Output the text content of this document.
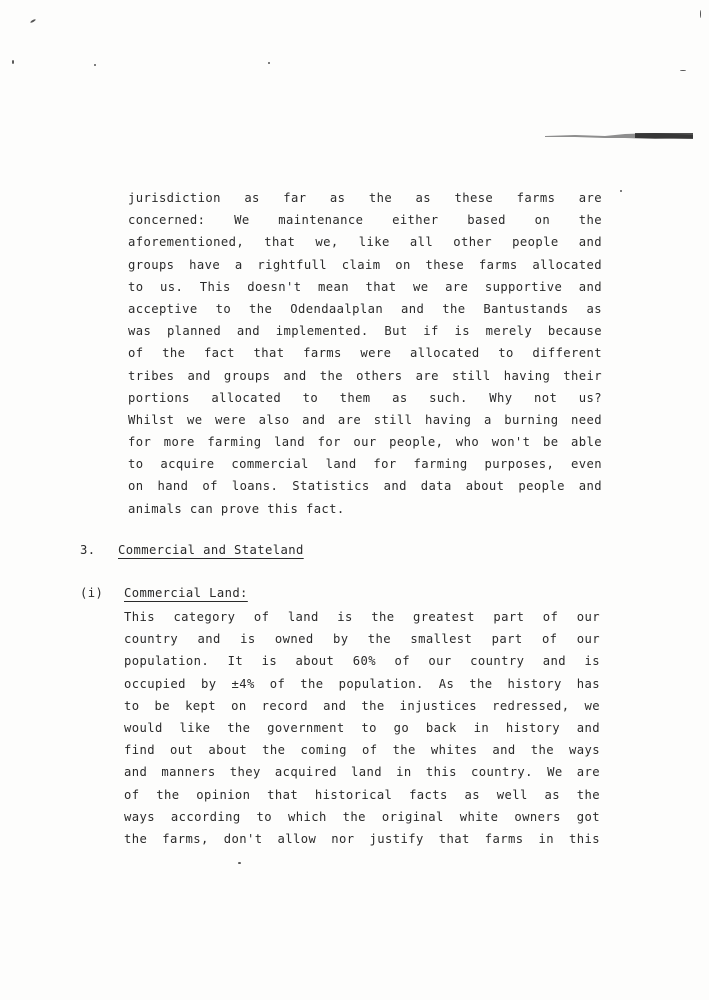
jurisdiction as far as the as these farms are
concerned: We maintenance either based on the
aforementioned, that we, like all other people and
groups have a rightfull claim on these farms allocated
to us. This doesn't mean that we are supportive and
acceptive to the Odendaalplan and the Bantustands as
was planned and implemented. But if is merely because
of the fact that farms were allocated to different
tribes and groups and the others are still having their
portions allocated to them as such. Why not us?
Whilst we were also and are still having a burning need
for more farming land for our people, who won't be able
to acquire commercial land for farming purposes, even
on hand of loans. Statistics and data about people and
animals can prove this fact.
3. Commercial and Stateland
(i) Commercial Land:
This category of land is the greatest part of our
country and is owned by the smallest part of our
population. It is about 60% of our country and is
occupied by ±4% of the population. As the history has
to be kept on record and the injustices redressed, we
would like the government to go back in history and
find out about the coming of the whites and the ways
and manners they acquired land in this country. We are
of the opinion that historical facts as well as the
ways according to which the original white owners got
the farms, don't allow nor justify that farms in this
